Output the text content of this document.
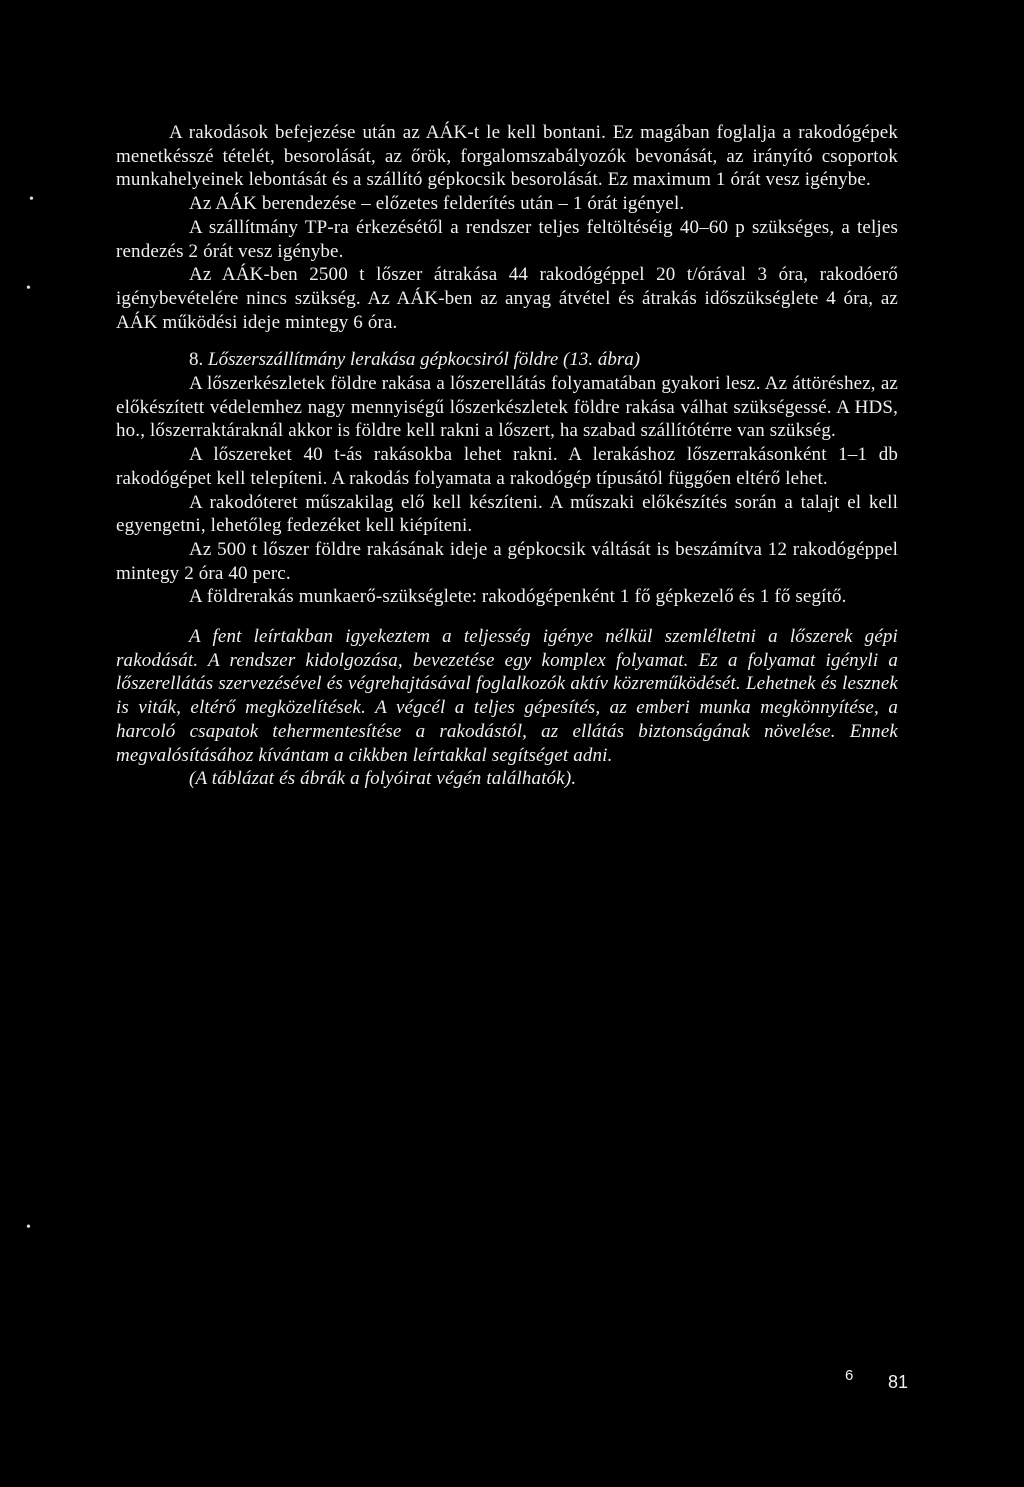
•
•
•

A rakodások befejezése után az AÁK-t le kell bontani. Ez magában foglalja a rakodógépek menetkésszé tételét, besorolását, az őrök, forgalomszabályozók bevonását, az irányító csoportok munkahelyeinek lebontását és a szállító gépkocsik besorolását. Ez maximum 1 órát vesz igénybe.

Az AÁK berendezése – előzetes felderítés után – 1 órát igényel.

A szállítmány TP-ra érkezésétől a rendszer teljes feltöltéséig 40–60 p szükséges, a teljes rendezés 2 órát vesz igénybe.

Az AÁK-ben 2500 t lőszer átrakása 44 rakodógéppel 20 t/órával 3 óra, rakodóerő igénybevételére nincs szükség. Az AÁK-ben az anyag átvétel és átrakás időszükséglete 4 óra, az AÁK működési ideje mintegy 6 óra.

8. Lőszerszállítmány lerakása gépkocsiról földre (13. ábra)

A lőszerkészletek földre rakása a lőszerellátás folyamatában gyakori lesz. Az áttöréshez, az előkészített védelemhez nagy mennyiségű lőszerkészletek földre rakása válhat szükségessé. A HDS, ho., lőszerraktáraknál akkor is földre kell rakni a lőszert, ha szabad szállítótérre van szükség.

A lőszereket 40 t-ás rakásokba lehet rakni. A lerakáshoz lőszerrakásonként 1–1 db rakodógépet kell telepíteni. A rakodás folyamata a rakodógép típusától függően eltérő lehet.

A rakodóteret műszakilag elő kell készíteni. A műszaki előkészítés során a talajt el kell egyengetni, lehetőleg fedezéket kell kiépíteni.

Az 500 t lőszer földre rakásának ideje a gépkocsik váltását is beszámítva 12 rakodógéppel mintegy 2 óra 40 perc.

A földrerakás munkaerő-szükséglete: rakodógépenként 1 fő gépkezelő és 1 fő segítő.

A fent leírtakban igyekeztem a teljesség igénye nélkül szemléltetni a lőszerek gépi rakodását. A rendszer kidolgozása, bevezetése egy komplex folyamat. Ez a folyamat igényli a lőszerellátás szervezésével és végrehajtásával foglalkozók aktív közreműködését. Lehetnek és lesznek is viták, eltérő megközelítések. A végcél a teljes gépesítés, az emberi munka megkönnyítése, a harcoló csapatok tehermentesítése a rakodástól, az ellátás biztonságának növelése. Ennek megvalósításához kívántam a cikkben leírtakkal segítséget adni.

(A táblázat és ábrák a folyóirat végén találhatók).

6 81
